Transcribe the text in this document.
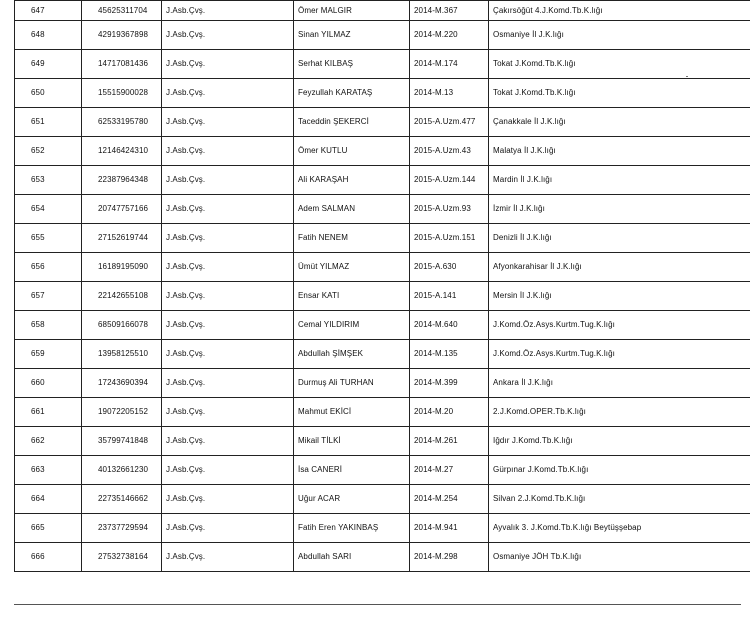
647	45625311704	J.Asb.Çvş.	Ömer MALGIR	2014-M.367	Çakırsöğüt 4.J.Komd.Tb.K.lığı
648	42919367898	J.Asb.Çvş.	Sinan YILMAZ	2014-M.220	Osmaniye İl J.K.lığı
649	14717081436	J.Asb.Çvş.	Serhat KILBAŞ	2014-M.174	Tokat J.Komd.Tb.K.lığı
650	15515900028	J.Asb.Çvş.	Feyzullah KARATAŞ	2014-M.13	Tokat J.Komd.Tb.K.lığı
651	62533195780	J.Asb.Çvş.	Taceddin ŞEKERCİ	2015-A.Uzm.477	Çanakkale İl J.K.lığı
652	12146424310	J.Asb.Çvş.	Ömer KUTLU	2015-A.Uzm.43	Malatya İl J.K.lığı
653	22387964348	J.Asb.Çvş.	Ali KARAŞAH	2015-A.Uzm.144	Mardin İl J.K.lığı
654	20747757166	J.Asb.Çvş.	Adem SALMAN	2015-A.Uzm.93	İzmir İl J.K.lığı
655	27152619744	J.Asb.Çvş.	Fatih NENEM	2015-A.Uzm.151	Denizli İl J.K.lığı
656	16189195090	J.Asb.Çvş.	Ümüt YILMAZ	2015-A.630	Afyonkarahisar İl J.K.lığı
657	22142655108	J.Asb.Çvş.	Ensar KATI	2015-A.141	Mersin İl J.K.lığı
658	68509166078	J.Asb.Çvş.	Cemal YILDIRIM	2014-M.640	J.Komd.Öz.Asys.Kurtm.Tug.K.lığı
659	13958125510	J.Asb.Çvş.	Abdullah ŞİMŞEK	2014-M.135	J.Komd.Öz.Asys.Kurtm.Tug.K.lığı
660	17243690394	J.Asb.Çvş.	Durmuş Ali TURHAN	2014-M.399	Ankara İl J.K.lığı
661	19072205152	J.Asb.Çvş.	Mahmut EKİCİ	2014-M.20	2.J.Komd.OPER.Tb.K.lığı
662	35799741848	J.Asb.Çvş.	Mikail TİLKİ	2014-M.261	Iğdır J.Komd.Tb.K.lığı
663	40132661230	J.Asb.Çvş.	İsa CANERİ	2014-M.27	Gürpınar J.Komd.Tb.K.lığı
664	22735146662	J.Asb.Çvş.	Uğur ACAR	2014-M.254	Silvan 2.J.Komd.Tb.K.lığı
665	23737729594	J.Asb.Çvş.	Fatih Eren YAKINBAŞ	2014-M.941	Ayvalık 3. J.Komd.Tb.K.lığı Beytüşşebap
666	27532738164	J.Asb.Çvş.	Abdullah SARI	2014-M.298	Osmaniye JÖH Tb.K.lığı
